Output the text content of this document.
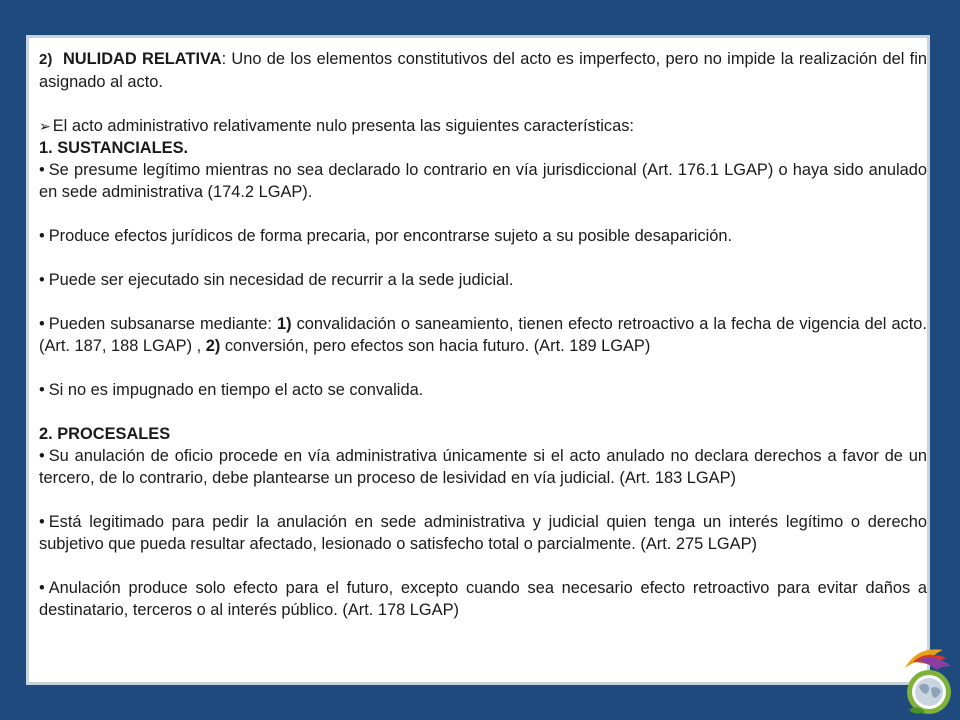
2) NULIDAD RELATIVA: Uno de los elementos constitutivos del acto es imperfecto, pero no impide la realización del fin asignado al acto.

➢ El acto administrativo relativamente nulo presenta las siguientes características:

1. SUSTANCIALES.

• Se presume legítimo mientras no sea declarado lo contrario en vía jurisdiccional (Art. 176.1 LGAP) o haya sido anulado en sede administrativa (174.2 LGAP).

• Produce efectos jurídicos de forma precaria, por encontrarse sujeto a su posible desaparición.

• Puede ser ejecutado sin necesidad de recurrir a la sede judicial.

• Pueden subsanarse mediante: 1) convalidación o saneamiento, tienen efecto retroactivo a la fecha de vigencia del acto. (Art. 187, 188 LGAP) , 2) conversión, pero efectos son hacia futuro. (Art. 189 LGAP)

• Si no es impugnado en tiempo el acto se convalida.

2. PROCESALES

• Su anulación de oficio procede en vía administrativa únicamente si el acto anulado no declara derechos a favor de un tercero, de lo contrario, debe plantearse un proceso de lesividad en vía judicial. (Art. 183 LGAP)

• Está legitimado para pedir la anulación en sede administrativa y judicial quien tenga un interés legítimo o derecho subjetivo que pueda resultar afectado, lesionado o satisfecho total o parcialmente. (Art. 275 LGAP)

• Anulación produce solo efecto para el futuro, excepto cuando sea necesario efecto retroactivo para evitar daños a destinatario, terceros o al interés público. (Art. 178 LGAP)
